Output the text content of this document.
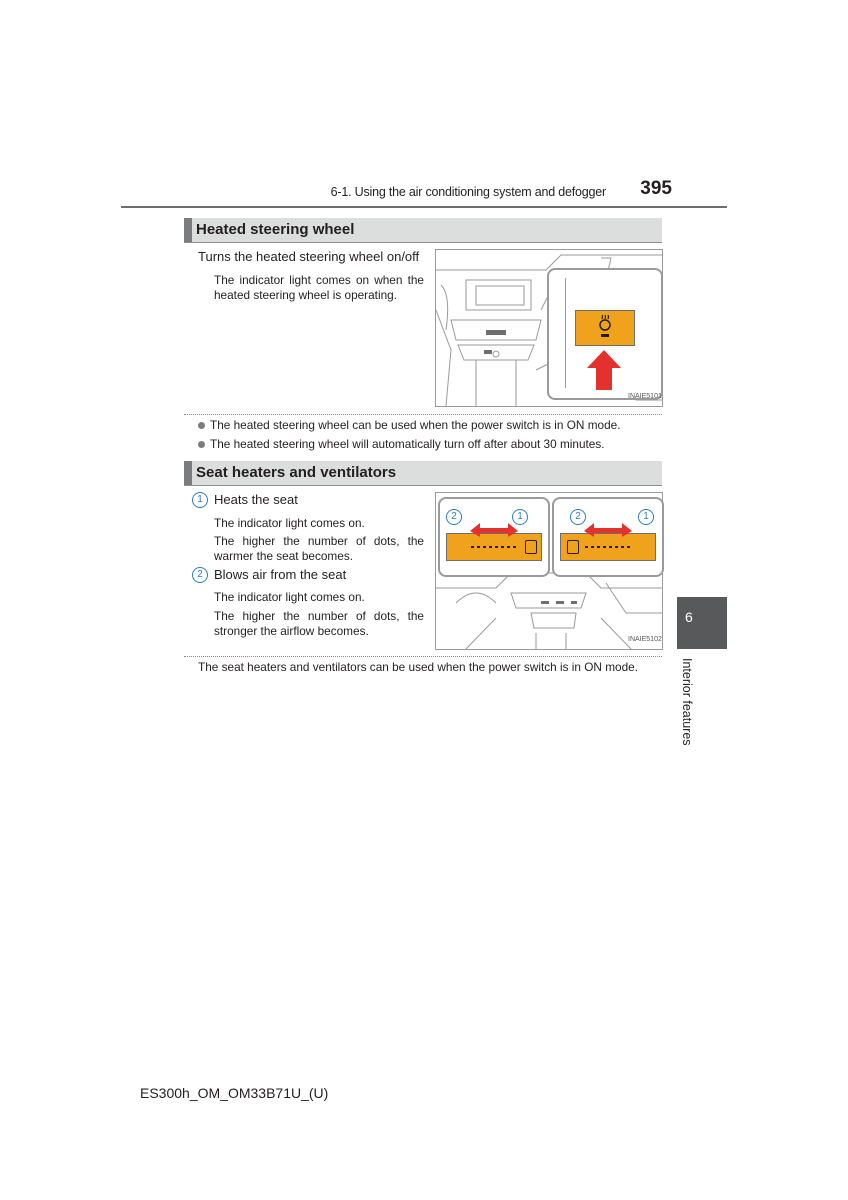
6-1. Using the air conditioning system and defogger	395
Heated steering wheel
Turns the heated steering wheel on/off
The indicator light comes on when the heated steering wheel is operating.
INAIE5101
The heated steering wheel can be used when the power switch is in ON mode.
The heated steering wheel will automatically turn off after about 30 minutes.
Seat heaters and ventilators
1 Heats the seat
The indicator light comes on.
The higher the number of dots, the warmer the seat becomes.
2 Blows air from the seat
The indicator light comes on.
The higher the number of dots, the stronger the airflow becomes.
2	1	2	1
INAIE5102
The seat heaters and ventilators can be used when the power switch is in ON mode.
6
Interior features
ES300h_OM_OM33B71U_(U)
